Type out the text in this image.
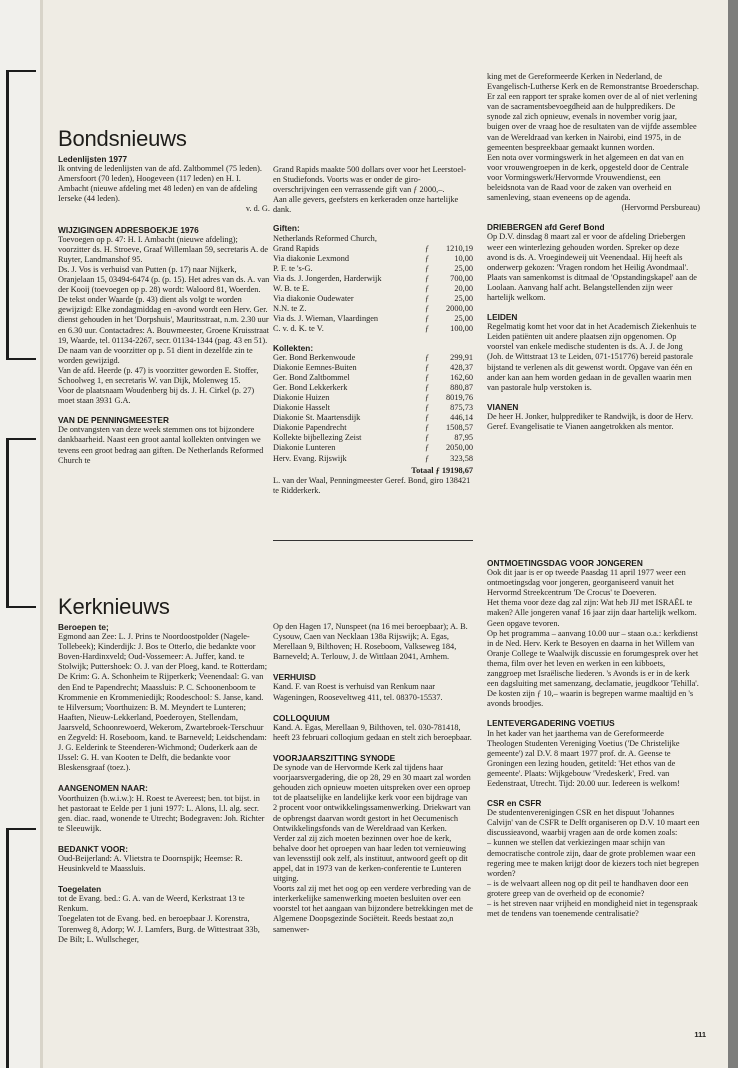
Bondsnieuws
Ledenlijsten 1977

Ik ontving de ledenlijsten van de afd. Zaltbommel (75 leden). Amersfoort (70 leden), Hoogeveen (117 leden) en H. I. Ambacht (nieuwe afdeling met 48 leden) en van de afdeling Ierseke (44 leden).

v. d. G.

WIJZIGINGEN ADRESBOEKJE 1976

Toevoegen op p. 47: H. I. Ambacht (nieuwe afdeling); voorzitter ds. H. Stroeve, Graaf Willemlaan 59, secretaris A. de Ruyter, Landmanshof 95.

Ds. J. Vos is verhuisd van Putten (p. 17) naar Nijkerk, Oranjelaan 15, 03494-6474 (p. (p. 15). Het adres van ds. A. van der Kooij (toevoegen op p. 28) wordt: Waloord 81, Woerden.

De tekst onder Waarde (p. 43) dient als volgt te worden gewijzigd: Elke zondagmiddag en -avond wordt een Herv. Ger. dienst gehouden in het 'Dorpshuis', Mauritsstraat, n.m. 2.30 uur en 6.30 uur. Contactadres: A. Bouwmeester, Groene Kruisstraat 19, Waarde, tel. 01134-2267, secr. 01134-1344 (pag. 43 en 51).

De naam van de voorzitter op p. 51 dient in dezelfde zin te worden gewijzigd.

Van de afd. Heerde (p. 47) is voorzitter geworden E. Stoffer, Schoolweg 1, en secretaris W. van Dijk, Molenweg 15.

Voor de plaatsnaam Woudenberg bij ds. J. H. Cirkel (p. 27) moet staan 3931 G.A.

VAN DE PENNINGMEESTER

De ontvangsten van deze week stemmen ons tot bijzondere dankbaarheid. Naast een groot aantal kollekten ontvingen we tevens een groot bedrag aan giften. De Netherlands Reformed Church te

Grand Rapids maakte 500 dollars over voor het Leerstoel- en Studiefonds. Voorts was er onder de giro-overschrijvingen een verrassende gift van ƒ 2000,–.

Aan alle gevers, geefsters en kerkeraden onze hartelijke dank.

Giften:

Netherlands Reformed Church,

Grand Rapids	ƒ	1210,19
Via diakonie Lexmond	ƒ	10,00
P. F. te 's-G.	ƒ	25,00
Via ds. J. Jongerden, Harderwijk	ƒ	700,00
W. B. te E.	ƒ	20,00
Via diakonie Oudewater	ƒ	25,00
N.N. te Z.	ƒ	2000,00
Via ds. J. Wieman, Vlaardingen	ƒ	25,00
C. v. d. K. te V.	ƒ	100,00
Kollekten:
Ger. Bond Berkenwoude	ƒ	299,91
Diakonie Eemnes-Buiten	ƒ	428,37
Ger. Bond Zaltbommel	ƒ	162,60
Ger. Bond Lekkerkerk	ƒ	880,87
Diakonie Huizen	ƒ	8019,76
Diakonie Hasselt	ƒ	875,73
Diakonie St. Maartensdijk	ƒ	446,14
Diakonie Papendrecht	ƒ	1508,57
Kollekte bijbellezing Zeist	ƒ	87,95
Diakonie Lunteren	ƒ	2050,00
Herv. Evang. Rijswijk	ƒ	323,58
Totaal ƒ 19198,67

L. van der Waal, Penningmeester Geref. Bond, giro 138421 te Ridderkerk.

king met de Gereformeerde Kerken in Nederland, de Evangelisch-Lutherse Kerk en de Remonstrantse Broederschap.

Er zal een rapport ter sprake komen over de al of niet verlening van de sacramentsbevoegdheid aan de hulppredikers. De synode zal zich opnieuw, evenals in november vorig jaar, buigen over de vraag hoe de resultaten van de vijfde assemblee van de Wereldraad van kerken in Nairobi, eind 1975, in de gemeenten bespreekbaar gemaakt kunnen worden.

Een nota over vormingswerk in het algemeen en dat van en voor vrouwengroepen in de kerk, opgesteld door de Centrale voor Vormingswerk/Hervormde Vrouwendienst, een beleidsnota van de Raad voor de zaken van overheid en samenleving, staan eveneens op de agenda.

(Hervormd Persbureau)

DRIEBERGEN afd Geref Bond

Op D.V. dinsdag 8 maart zal er voor de afdeling Driebergen weer een winterlezing gehouden worden. Spreker op deze avond is ds. A. Vroegindeweij uit Veenendaal. Hij heeft als onderwerp gekozen: 'Vragen rondom het Heilig Avondmaal'. Plaats van samenkomst is ditmaal de 'Opstandingskapel' aan de Loolaan. Aanvang half acht. Belangstellenden zijn weer hartelijk welkom.

LEIDEN

Regelmatig komt het voor dat in het Academisch Ziekenhuis te Leiden patiënten uit andere plaatsen zijn opgenomen. Op voorstel van enkele medische studenten is ds. A. J. de Jong (Joh. de Wittstraat 13 te Leiden, 071-151776) bereid pastorale bijstand te verlenen als dit gewenst wordt. Opgave van één en ander kan aan hem worden gedaan in de gevallen waarin men van pastorale hulp verstoken is.

VIANEN

De heer H. Jonker, hulpprediker te Randwijk, is door de Herv. Geref. Evangelisatie te Vianen aangetrokken als mentor.

Kerknieuws
Beroepen te;

Egmond aan Zee: L. J. Prins te Noordoostpolder (Nagele-Tollebeek); Kinderdijk: J. Bos te Otterlo, die bedankte voor Boven-Hardinxveld; Oud-Vossemeer: A. Juffer, kand. te Stolwijk; Puttershoek: O. J. van der Ploeg, kand. te Rotterdam; De Krim: G. A. Schonheim te Rijperkerk; Veenendaal: G. van den End te Papendrecht; Maassluis: P. C. Schoonenboom te Krommenie en Krommeniedijk; Roodeschool: S. Janse, kand. te Hilversum; Voorthuizen: B. M. Meyndert te Lunteren; Haaften, Nieuw-Lekkerland, Poederoyen, Stellendam, Jaarsveld, Schoonrewoerd, Wekerom, Zwartebroek-Terschuur en Zegveld: H. Roseboom, kand. te Barneveld; Leidschendam: J. G. Eelderink te Steenderen-Wichmond; Ouderkerk aan de IJssel: G. H. van Kooten te Delft, die bedankte voor Bleskensgraaf (toez.).

AANGENOMEN NAAR:

Voorthuizen (b.w.i.w.): H. Roest te Avereest; ben. tot bijst. in het pastoraat te Eelde per 1 juni 1977: L. Alons, l.l. alg. secr. gen. diac. raad, wonende te Utrecht; Bodegraven: Joh. Richter te Sleeuwijk.

BEDANKT VOOR:

Oud-Beijerland: A. Vlietstra te Doornspijk; Heemse: R. Heusinkveld te Maassluis.

Toegelaten

tot de Evang. bed.: G. A. van de Weerd, Kerkstraat 13 te Renkum.

Toegelaten tot de Evang. bed. en beroepbaar J. Korenstra, Torenweg 8, Adorp; W. J. Lamfers, Burg. de Wittestraat 33b, De Bilt; L. Wullscheger,

Op den Hagen 17, Nunspeet (na 16 mei beroepbaar); A. B. Cysouw, Caen van Necklaan 138a Rijswijk; A. Egas, Merellaan 9, Bilthoven; H. Roseboom, Valkseweg 184, Barneveld; A. Terlouw, J. de Wittlaan 2041, Arnhem.

VERHUISD

Kand. F. van Roest is verhuisd van Renkum naar Wageningen, Rooseveltweg 411, tel. 08370-15537.

COLLOQUIUM

Kand. A. Egas, Merellaan 9, Bilthoven, tel. 030-781418, heeft 23 februari colloqium gedaan en stelt zich beroepbaar.

VOORJAARSZITTING SYNODE

De synode van de Hervormde Kerk zal tijdens haar voorjaarsvergadering, die op 28, 29 en 30 maart zal worden gehouden zich opnieuw moeten uitspreken over een oproep tot de plaatselijke en landelijke kerk voor een bijdrage van 2 procent voor ontwikkelingssamenwerking. Driekwart van de opbrengst daarvan wordt gestort in het Oecumenisch Ontwikkelingsfonds van de Wereldraad van Kerken.

Verder zal zij zich moeten bezinnen over hoe de kerk, behalve door het oproepen van haar leden tot vernieuwing van levensstijl ook zelf, als instituut, antwoord geeft op dit appel, dat in 1973 van de kerken-conferentie te Lunteren uitging.

Voorts zal zij met het oog op een verdere verbreding van de interkerkelijke samenwerking moeten besluiten over een voorstel tot het aangaan van bijzondere betrekkingen met de Algemene Doopsgezinde Sociëteit. Reeds bestaat zo,n samenwer-

ONTMOETINGSDAG VOOR JONGEREN

Ook dit jaar is er op tweede Paasdag 11 april 1977 weer een ontmoetingsdag voor jongeren, georganiseerd vanuit het Hervormd Streekcentrum 'De Crocus' te Doeveren.

Het thema voor deze dag zal zijn: Wat heb JIJ met ISRAËL te maken? Alle jongeren vanaf 16 jaar zijn daar hartelijk welkom. Geen opgave tevoren.

Op het programma – aanvang 10.00 uur – staan o.a.: kerkdienst in de Ned. Herv. Kerk te Besoyen en daarna in het Willem van Oranje College te Waalwijk discussie en forumgesprek over het thema, film over het leven en werken in een kibboets, zanggroep met Israëlische liederen. 's Avonds is er in de kerk een dagsluiting met samenzang, declamatie, jeugdkoor 'Tehilla'. De kosten zijn ƒ 10,– waarin is begrepen warme maaltijd en 's avonds broodjes.

LENTEVERGADERING VOETIUS

In het kader van het jaarthema van de Gereformeerde Theologen Studenten Vereniging Voetius ('De Christelijke gemeente') zal D.V. 8 maart 1977 prof. dr. A. Geense te Groningen een lezing houden, getiteld: 'Het ethos van de gemeente'. Plaats: Wijkgebouw 'Vredeskerk', Fred. van Eedenstraat, Utrecht. Tijd: 20.00 uur. Iedereen is welkom!

CSR en CSFR

De studentenverenigingen CSR en het dispuut 'Johannes Calvijn' van de CSFR te Delft organiseren op D.V. 10 maart een discussieavond, waarbij vragen aan de orde komen zoals:

– kunnen we stellen dat verkiezingen maar schijn van democratische controle zijn, daar de grote problemen waar een regering mee te maken krijgt door de kiezers toch niet begrepen worden?

– is de welvaart alleen nog op dit peil te handhaven door een grotere greep van de overheid op de economie?

– is het streven naar vrijheid en mondigheid niet in tegenspraak met de tendens van toenemende centralisatie?

111
